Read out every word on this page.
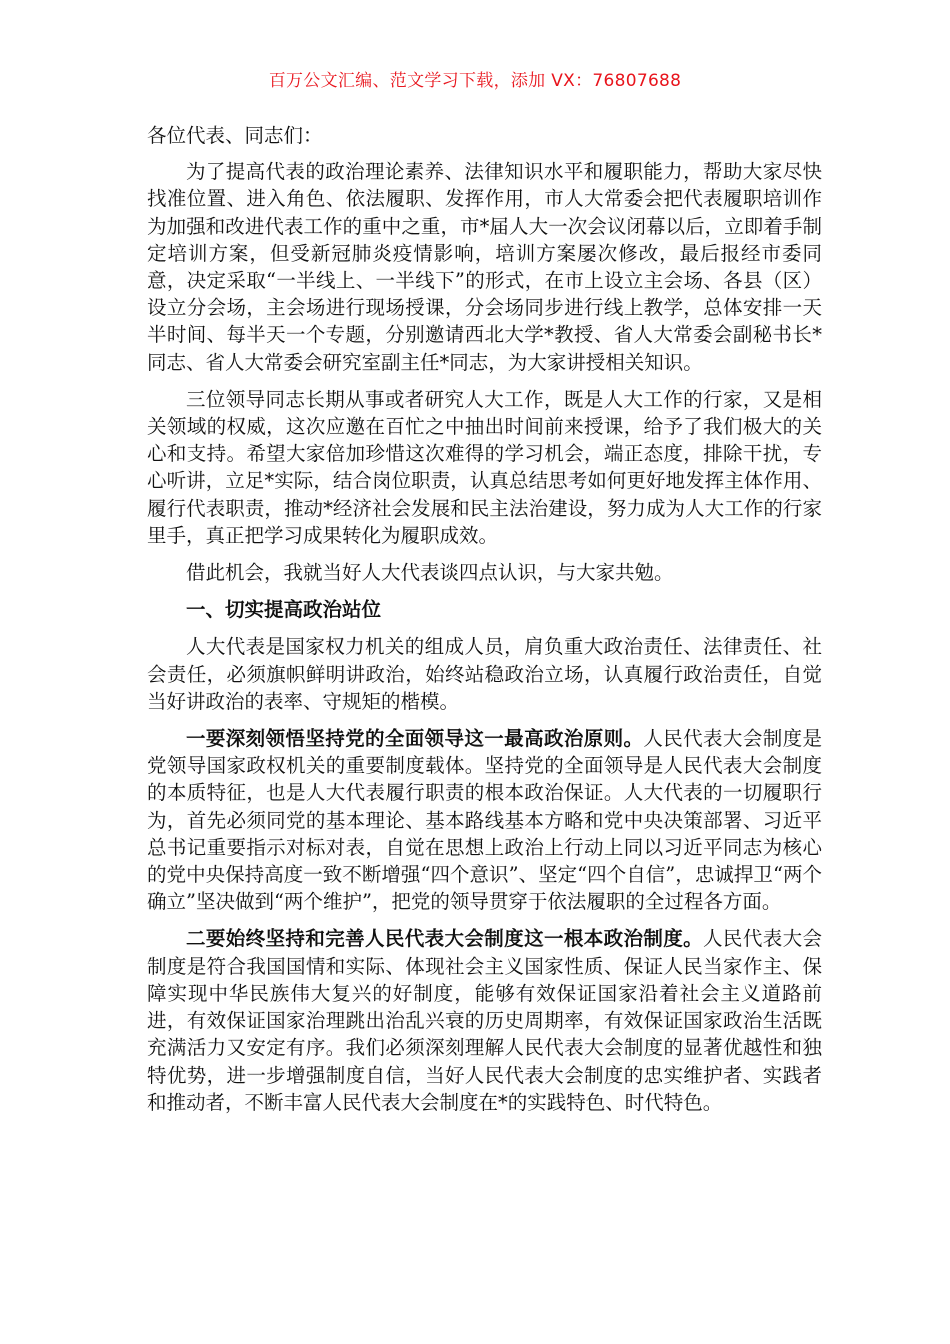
百万公文汇编、范文学习下载，添加 VX：76807688

各位代表、同志们：

为了提高代表的政治理论素养、法律知识水平和履职能力，帮助大家尽快找准位置、进入角色、依法履职、发挥作用，市人大常委会把代表履职培训作为加强和改进代表工作的重中之重，市*届人大一次会议闭幕以后，立即着手制定培训方案，但受新冠肺炎疫情影响，培训方案屡次修改，最后报经市委同意，决定采取“一半线上、一半线下”的形式，在市上设立主会场、各县（区）设立分会场，主会场进行现场授课，分会场同步进行线上教学，总体安排一天半时间、每半天一个专题，分别邀请西北大学*教授、省人大常委会副秘书长*同志、省人大常委会研究室副主任*同志，为大家讲授相关知识。

三位领导同志长期从事或者研究人大工作，既是人大工作的行家，又是相关领域的权威，这次应邀在百忙之中抽出时间前来授课，给予了我们极大的关心和支持。希望大家倍加珍惜这次难得的学习机会，端正态度，排除干扰，专心听讲，立足*实际，结合岗位职责，认真总结思考如何更好地发挥主体作用、履行代表职责，推动*经济社会发展和民主法治建设，努力成为人大工作的行家里手，真正把学习成果转化为履职成效。

借此机会，我就当好人大代表谈四点认识，与大家共勉。

一、切实提高政治站位

人大代表是国家权力机关的组成人员，肩负重大政治责任、法律责任、社会责任，必须旗帜鲜明讲政治，始终站稳政治立场，认真履行政治责任，自觉当好讲政治的表率、守规矩的楷模。

一要深刻领悟坚持党的全面领导这一最高政治原则。人民代表大会制度是党领导国家政权机关的重要制度载体。坚持党的全面领导是人民代表大会制度的本质特征，也是人大代表履行职责的根本政治保证。人大代表的一切履职行为，首先必须同党的基本理论、基本路线基本方略和党中央决策部署、习近平总书记重要指示对标对表，自觉在思想上政治上行动上同以习近平同志为核心的党中央保持高度一致不断增强“四个意识”、坚定“四个自信”，忠诚捍卫“两个确立”坚决做到“两个维护”，把党的领导贯穿于依法履职的全过程各方面。

二要始终坚持和完善人民代表大会制度这一根本政治制度。人民代表大会制度是符合我国国情和实际、体现社会主义国家性质、保证人民当家作主、保障实现中华民族伟大复兴的好制度，能够有效保证国家沿着社会主义道路前进，有效保证国家治理跳出治乱兴衰的历史周期率，有效保证国家政治生活既充满活力又安定有序。我们必须深刻理解人民代表大会制度的显著优越性和独特优势，进一步增强制度自信，当好人民代表大会制度的忠实维护者、实践者和推动者，不断丰富人民代表大会制度在*的实践特色、时代特色。
